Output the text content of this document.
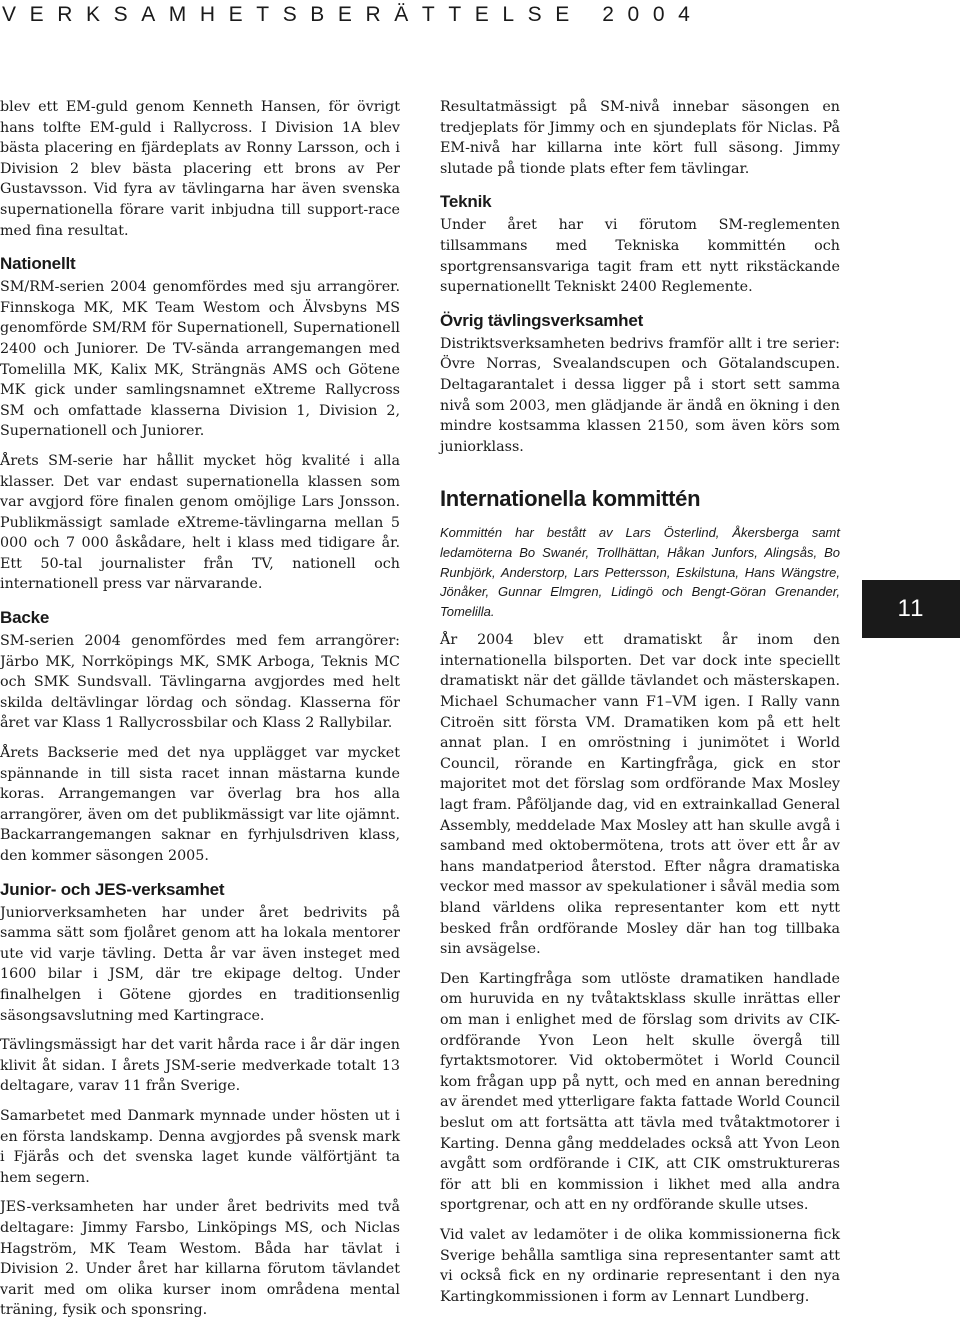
VERKSAMHETSBERÄTTELSE 2004

blev ett EM-guld genom Kenneth Hansen, för övrigt hans tolfte EM-guld i Rallycross. I Division 1A blev bästa placering en fjärdeplats av Ronny Larsson, och i Division 2 blev bästa placering ett brons av Per Gustavsson. Vid fyra av tävlingarna har även svenska supernationella förare varit inbjudna till support-race med fina resultat.

Nationellt

SM/RM-serien 2004 genomfördes med sju arrangörer. Finnskoga MK, MK Team Westom och Älvsbyns MS genomförde SM/RM för Supernationell, Supernationell 2400 och Juniorer. De TV-sända arrangemangen med Tomelilla MK, Kalix MK, Strängnäs AMS och Götene MK gick under samlingsnamnet eXtreme Rallycross SM och omfattade klasserna Division 1, Division 2, Supernationell och Juniorer.

Årets SM-serie har hållit mycket hög kvalité i alla klasser. Det var endast supernationella klassen som var avgjord före finalen genom omöjlige Lars Jonsson. Publikmässigt samlade eXtreme-tävlingarna mellan 5 000 och 7 000 åskådare, helt i klass med tidigare år. Ett 50-tal journalister från TV, nationell och internationell press var närvarande.

Backe

SM-serien 2004 genomfördes med fem arrangörer: Järbo MK, Norrköpings MK, SMK Arboga, Teknis MC och SMK Sundsvall. Tävlingarna avgjordes med helt skilda deltävlingar lördag och söndag. Klasserna för året var Klass 1 Rallycrossbilar och Klass 2 Rallybilar.

Årets Backserie med det nya upplägget var mycket spännande in till sista racet innan mästarna kunde koras. Arrangemangen var överlag bra hos alla arrangörer, även om det publikmässigt var lite ojämnt. Backarrangemangen saknar en fyrhjulsdriven klass, den kommer säsongen 2005.

Junior- och JES-verksamhet

Juniorverksamheten har under året bedrivits på samma sätt som fjolåret genom att ha lokala mentorer ute vid varje tävling. Detta år var även insteget med 1600 bilar i JSM, där tre ekipage deltog. Under finalhelgen i Götene gjordes en traditionsenlig säsongsavslutning med Kartingrace.

Tävlingsmässigt har det varit hårda race i år där ingen klivit åt sidan. I årets JSM-serie medverkade totalt 13 deltagare, varav 11 från Sverige.

Samarbetet med Danmark mynnade under hösten ut i en första landskamp. Denna avgjordes på svensk mark i Fjärås och det svenska laget kunde välförtjänt ta hem segern.

JES-verksamheten har under året bedrivits med två deltagare: Jimmy Farsbo, Linköpings MS, och Niclas Hagström, MK Team Westom. Båda har tävlat i Division 2. Under året har killarna förutom tävlandet varit med om olika kurser inom områdena mental träning, fysik och sponsring.

Resultatmässigt på SM-nivå innebar säsongen en tredjeplats för Jimmy och en sjundeplats för Niclas. På EM-nivå har killarna inte kört full säsong. Jimmy slutade på tionde plats efter fem tävlingar.

Teknik

Under året har vi förutom SM-reglementen tillsammans med Tekniska kommittén och sportgrensansvariga tagit fram ett nytt rikstäckande supernationellt Tekniskt 2400 Reglemente.

Övrig tävlingsverksamhet

Distriktsverksamheten bedrivs framför allt i tre serier: Övre Norras, Svealandscupen och Götalandscupen. Deltagarantalet i dessa ligger på i stort sett samma nivå som 2003, men glädjande är ändå en ökning i den mindre kostsamma klassen 2150, som även körs som juniorklass.

Internationella kommittén

Kommittén har bestått av Lars Österlind, Åkersberga samt ledamöterna Bo Swanér, Trollhättan, Håkan Junfors, Alingsås, Bo Runbjörk, Anderstorp, Lars Pettersson, Eskilstuna, Hans Wängstre, Jönåker, Gunnar Elmgren, Lidingö och Bengt-Göran Grenander, Tomelilla.

År 2004 blev ett dramatiskt år inom den internationella bilsporten. Det var dock inte speciellt dramatiskt när det gällde tävlandet och mästerskapen. Michael Schumacher vann F1–VM igen. I Rally vann Citroën sitt första VM. Dramatiken kom på ett helt annat plan. I en omröstning i junimötet i World Council, rörande en Kartingfråga, gick en stor majoritet mot det förslag som ordförande Max Mosley lagt fram. Påföljande dag, vid en extrainkallad General Assembly, meddelade Max Mosley att han skulle avgå i samband med oktobermötena, trots att över ett år av hans mandatperiod återstod. Efter några dramatiska veckor med massor av spekulationer i såväl media som bland världens olika representanter kom ett nytt besked från ordförande Mosley där han tog tillbaka sin avsägelse.

Den Kartingfråga som utlöste dramatiken handlade om huruvida en ny tvåtaktsklass skulle inrättas eller om man i enlighet med de förslag som drivits av CIK-ordförande Yvon Leon helt skulle övergå till fyrtaktsmotorer. Vid oktobermötet i World Council kom frågan upp på nytt, och med en annan beredning av ärendet med ytterligare fakta fattade World Council beslut om att fortsätta att tävla med tvåtaktmotorer i Karting. Denna gång meddelades också att Yvon Leon avgått som ordförande i CIK, att CIK omstruktureras för att bli en kommission i likhet med alla andra sportgrenar, och att en ny ordförande skulle utses.

Vid valet av ledamöter i de olika kommissionerna fick Sverige behålla samtliga sina representanter samt att vi också fick en ny ordinarie representant i den nya Kartingkommissionen i form av Lennart Lundberg.

11
